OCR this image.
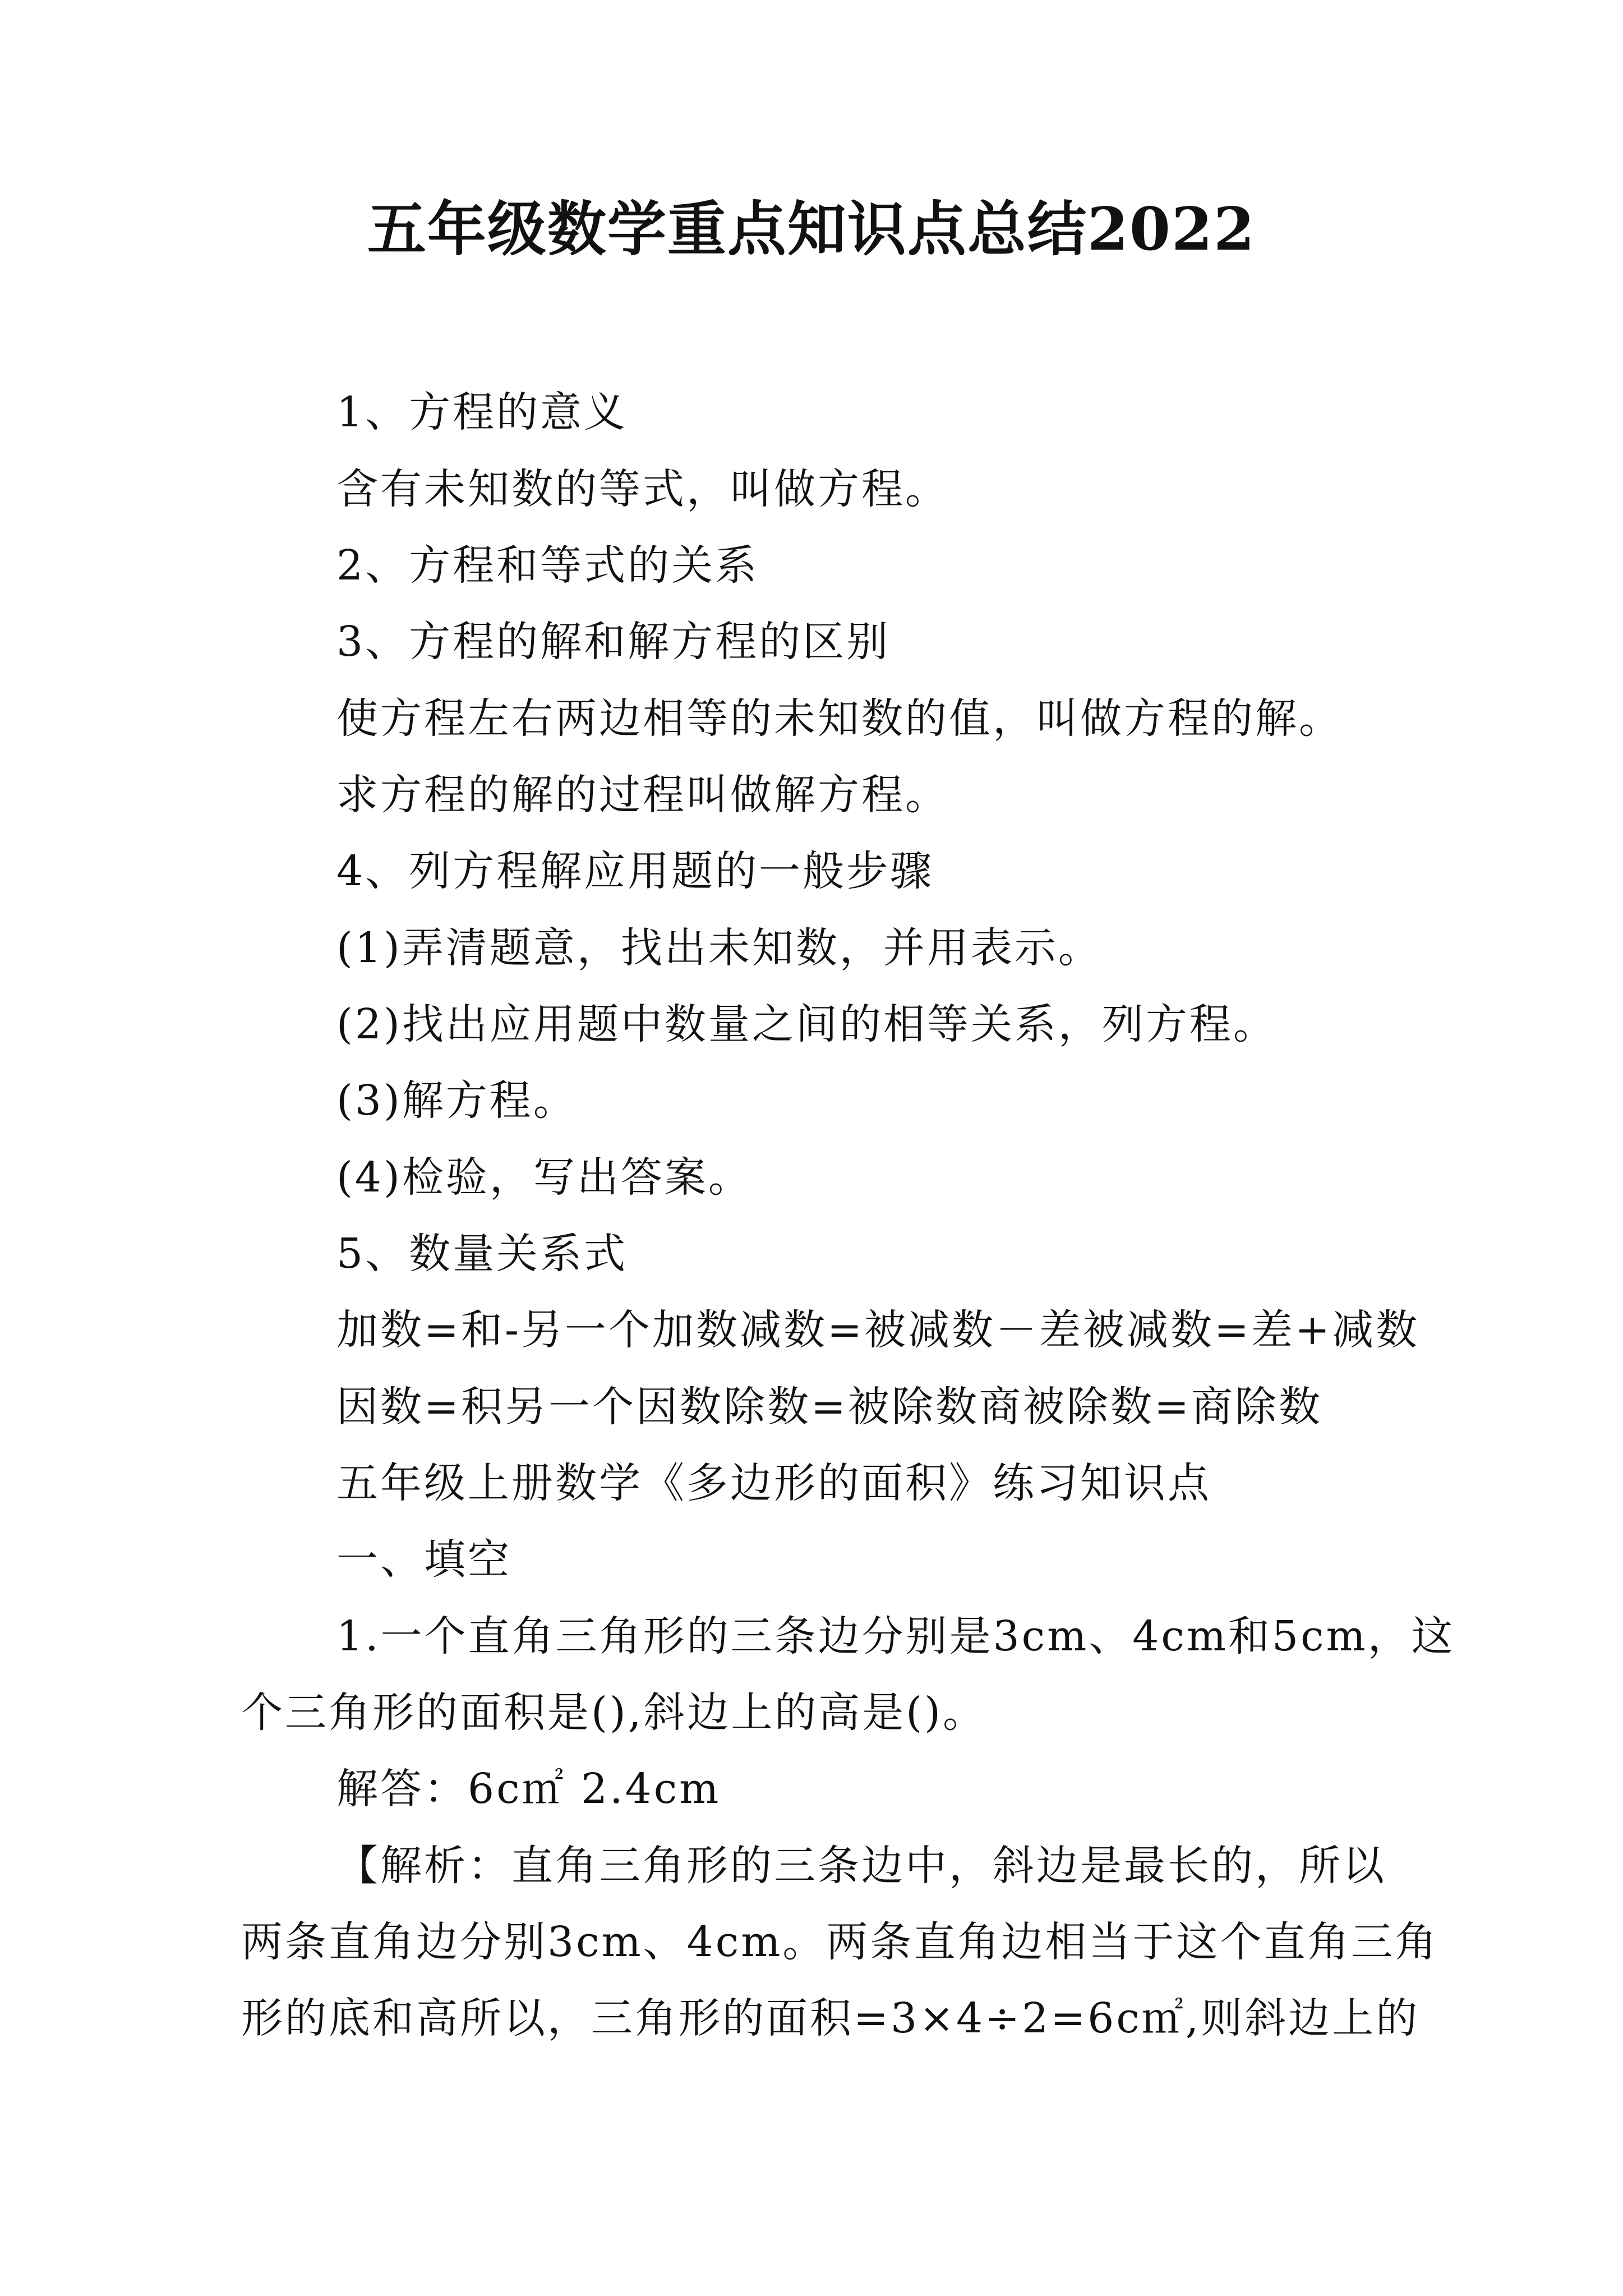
五年级数学重点知识点总结2022
1、方程的意义
含有未知数的等式，叫做方程。
2、方程和等式的关系
3、方程的解和解方程的区别
使方程左右两边相等的未知数的值，叫做方程的解。
求方程的解的过程叫做解方程。
4、列方程解应用题的一般步骤
(1)弄清题意，找出未知数，并用表示。
(2)找出应用题中数量之间的相等关系，列方程。
(3)解方程。
(4)检验，写出答案。
5、数量关系式
加数=和-另一个加数减数=被减数－差被减数=差+减数
因数=积另一个因数除数=被除数商被除数=商除数
五年级上册数学《多边形的面积》练习知识点
一、填空
1.一个直角三角形的三条边分别是3cm、4cm和5cm，这
个三角形的面积是(),斜边上的高是()。
解答：6c㎡ 2.4cm
【解析：直角三角形的三条边中，斜边是最长的，所以
两条直角边分别3cm、4cm。两条直角边相当于这个直角三角
形的底和高所以，三角形的面积=3×4÷2=6c㎡,则斜边上的
